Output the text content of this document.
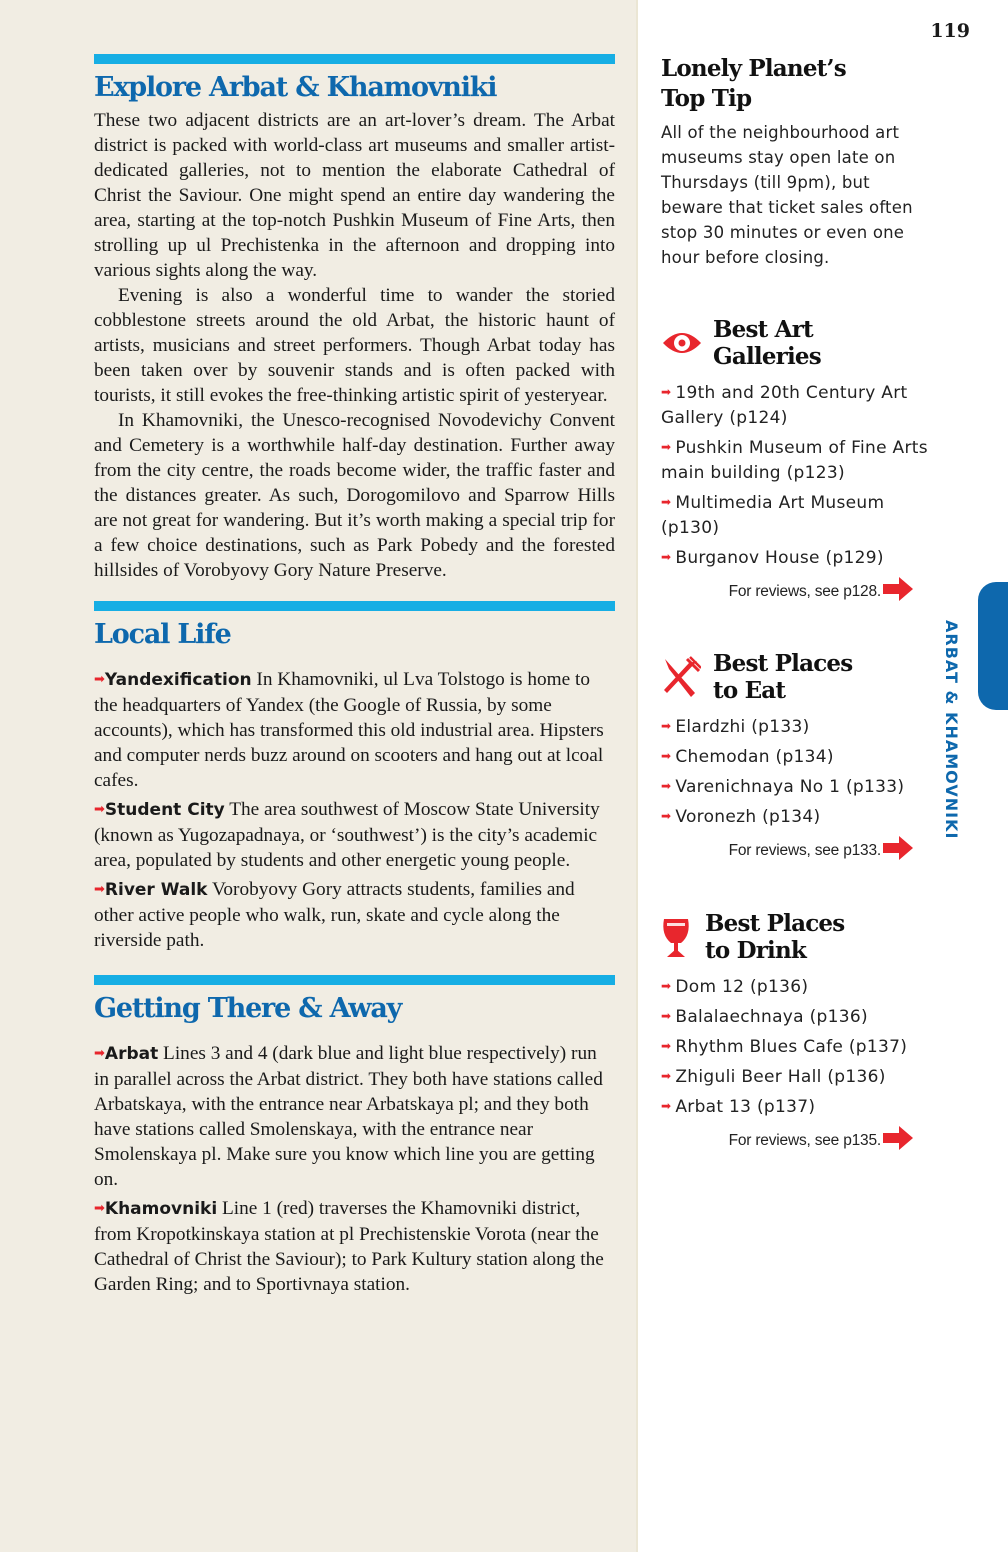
119
Explore Arbat & Khamovniki

These two adjacent districts are an art-lover’s dream. The Arbat district is packed with world-class art museums and smaller artist-dedicated galleries, not to mention the elaborate Cathedral of Christ the Saviour. One might spend an entire day wandering the area, starting at the top-notch Pushkin Museum of Fine Arts, then strolling up ul Prechistenka in the afternoon and dropping into various sights along the way.

Evening is also a wonderful time to wander the storied cobblestone streets around the old Arbat, the historic haunt of artists, musicians and street performers. Though Arbat today has been taken over by souvenir stands and is often packed with tourists, it still evokes the free-thinking artistic spirit of yesteryear.

In Khamovniki, the Unesco-recognised Novodevichy Convent and Cemetery is a worthwhile half-day destination. Further away from the city centre, the roads become wider, the traffic faster and the distances greater. As such, Dorogomilovo and Sparrow Hills are not great for wandering. But it’s worth making a special trip for a few choice destinations, such as Park Pobedy and the forested hillsides of Vorobyovy Gory Nature Preserve.

Local Life

➡Yandexification In Khamovniki, ul Lva Tolstogo is home to the headquarters of Yandex (the Google of Russia, by some accounts), which has transformed this old industrial area. Hipsters and computer nerds buzz around on scooters and hang out at lcoal cafes.

➡Student City The area southwest of Moscow State University (known as Yugozapadnaya, or ‘southwest’) is the city’s academic area, populated by students and other energetic young people.

➡River Walk Vorobyovy Gory attracts students, families and other active people who walk, run, skate and cycle along the riverside path.

Getting There & Away

➡Arbat Lines 3 and 4 (dark blue and light blue respectively) run in parallel across the Arbat district. They both have stations called Arbatskaya, with the entrance near Arbatskaya pl; and they both have stations called Smolenskaya, with the entrance near Smolenskaya pl. Make sure you know which line you are getting on.

➡Khamovniki Line 1 (red) traverses the Khamovniki district, from Kropotkinskaya station at pl Prechistenskie Vorota (near the Cathedral of Christ the Saviour); to Park Kultury station along the Garden Ring; and to Sportivnaya station.

Lonely Planet’s
Top Tip

All of the neighbourhood art museums stay open late on Thursdays (till 9pm), but beware that ticket sales often stop 30 minutes or even one hour before closing.

Best Art
Galleries
➡ 19th and 20th Century Art Gallery (p124)
➡ Pushkin Museum of Fine Arts main building (p123)
➡ Multimedia Art Museum (p130)
➡ Burganov House (p129)
For reviews, see p128.
Best Places
to Eat
➡ Elardzhi (p133)
➡ Chemodan (p134)
➡ Varenichnaya No 1 (p133)
➡ Voronezh (p134)
For reviews, see p133.
Best Places
to Drink
➡ Dom 12 (p136)
➡ Balalaechnaya (p136)
➡ Rhythm Blues Cafe (p137)
➡ Zhiguli Beer Hall (p136)
➡ Arbat 13 (p137)
For reviews, see p135.
ARBAT & KHAMOVNIKI
